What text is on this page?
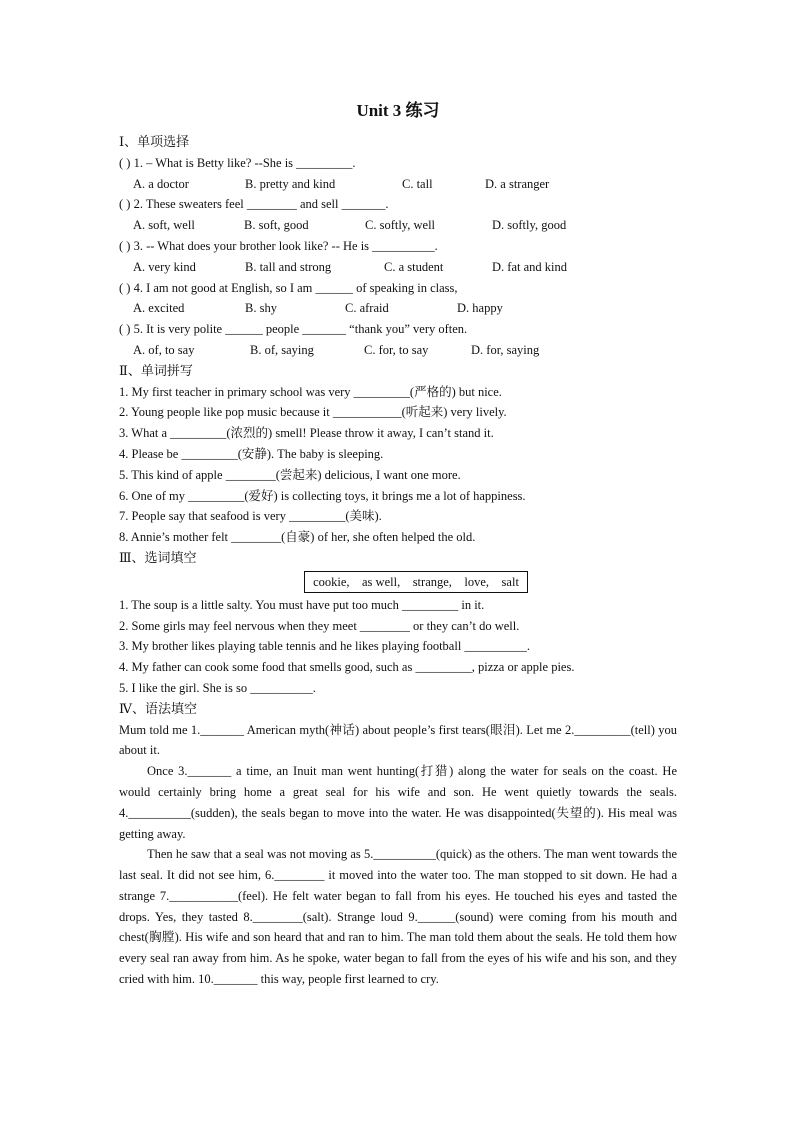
Unit 3 练习
Ⅰ、单项选择
( ) 1. – What is Betty like? --She is _________.
A. a doctor	B. pretty and kind	C. tall	D. a stranger
( ) 2. These sweaters feel ________ and sell _______.
A. soft, well	B. soft, good	C. softly, well	D. softly, good
( ) 3. -- What does your brother look like? -- He is __________.
A. very kind	B. tall and strong	C. a student	D. fat and kind
( ) 4. I am not good at English, so I am ______ of speaking in class,
A. excited	B. shy	C. afraid	D. happy
( ) 5. It is very polite ______ people _______ “thank you” very often.
A. of, to say	B. of, saying	C. for, to say	D. for, saying
Ⅱ、单词拼写
1. My first teacher in primary school was very _________(严格的) but nice.
2. Young people like pop music because it ___________(听起来) very lively.
3. What a _________(浓烈的) smell! Please throw it away, I can’t stand it.
4. Please be _________(安静). The baby is sleeping.
5. This kind of apple ________(尝起来) delicious, I want one more.
6. One of my _________(爱好) is collecting toys, it brings me a lot of happiness.
7. People say that seafood is very _________(美味).
8. Annie’s mother felt ________(自豪) of her, she often helped the old.
Ⅲ、选词填空
cookie,    as well,    strange,    love,    salt
1. The soup is a little salty. You must have put too much _________ in it.
2. Some girls may feel nervous when they meet ________ or they can’t do well.
3. My brother likes playing table tennis and he likes playing football __________.
4. My father can cook some food that smells good, such as _________, pizza or apple pies.
5. I like the girl. She is so __________.
Ⅳ、语法填空
Mum told me 1._______ American myth(神话) about people’s first tears(眼泪). Let me 2._________(tell) you about it.
Once 3._______ a time, an Inuit man went hunting(打猎) along the water for seals on the coast. He would certainly bring home a great seal for his wife and son. He went quietly towards the seals. 4.__________(sudden), the seals began to move into the water. He was disappointed(失望的). His meal was getting away.
Then he saw that a seal was not moving as 5.__________(quick) as the others. The man went towards the last seal. It did not see him, 6.________ it moved into the water too. The man stopped to sit down. He had a strange 7.___________(feel). He felt water began to fall from his eyes. He touched his eyes and tasted the drops. Yes, they tasted 8.________(salt). Strange loud 9.______(sound) were coming from his mouth and chest(胸膛). His wife and son heard that and ran to him. The man told them about the seals. He told them how every seal ran away from him. As he spoke, water began to fall from the eyes of his wife and his son, and they cried with him. 10._______ this way, people first learned to cry.
